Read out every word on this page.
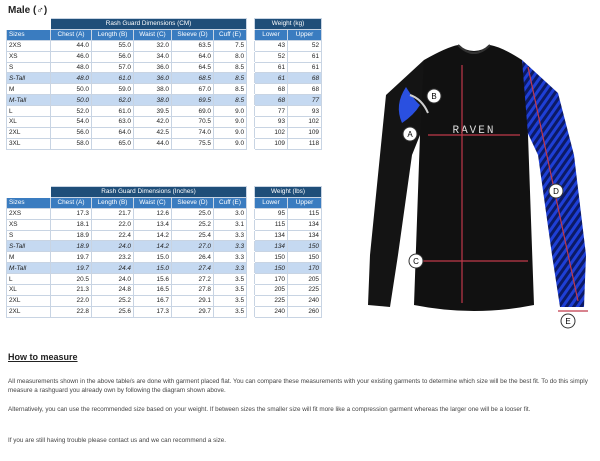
Male (♂)
	Rash Guard Dimensions (CM)						Weight (kg)	
Sizes	Chest (A)	Length (B)	Waist (C)	Sleeve (D)	Cuff (E)		Lower	Upper
2XS	44.0	55.0	32.0	63.5	7.5		43	52
XS	46.0	56.0	34.0	64.0	8.0		52	61
S	48.0	57.0	36.0	64.5	8.5		61	61
S-Tall	48.0	61.0	36.0	68.5	8.5		61	68
M	50.0	59.0	38.0	67.0	8.5		68	68
M-Tall	50.0	62.0	38.0	69.5	8.5		68	77
L	52.0	61.0	39.5	69.0	9.0		77	93
XL	54.0	63.0	42.0	70.5	9.0		93	102
2XL	56.0	64.0	42.5	74.0	9.0		102	109
3XL	58.0	65.0	44.0	75.5	9.0		109	118
	Rash Guard Dimensions (Inches)						Weight (lbs)	
Sizes	Chest (A)	Length (B)	Waist (C)	Sleeve (D)	Cuff (E)		Lower	Upper
2XS	17.3	21.7	12.6	25.0	3.0		95	115
XS	18.1	22.0	13.4	25.2	3.1		115	134
S	18.9	22.4	14.2	25.4	3.3		134	134
S-Tall	18.9	24.0	14.2	27.0	3.3		134	150
M	19.7	23.2	15.0	26.4	3.3		150	150
M-Tall	19.7	24.4	15.0	27.4	3.3		150	170
L	20.5	24.0	15.6	27.2	3.5		170	205
XL	21.3	24.8	16.5	27.8	3.5		205	225
2XL	22.0	25.2	16.7	29.1	3.5		225	240
2XL	22.8	25.6	17.3	29.7	3.5		240	260
RAVEN
A
B
C
D
E
How to measure
All measurements shown in the above table/s are done with garment placed flat. You can compare these measurements with your existing garments to determine which size will be the best fit. To do this simply measure a rashguard you already own by following the diagram shown above.
Alternatively, you can use the recommended size based on your weight. If between sizes the smaller size will fit more like a compression garment whereas the larger one will be a looser fit.
If you are still having trouble please contact us and we can recommend a size.
